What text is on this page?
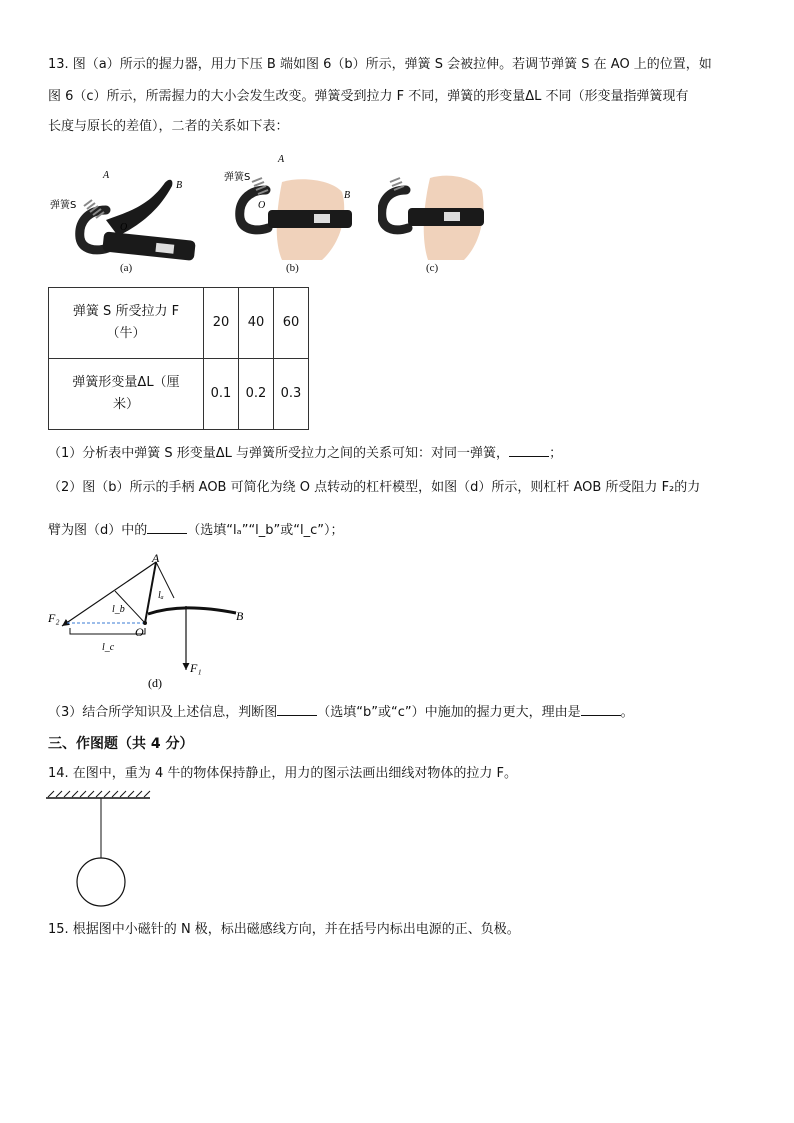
13. 图（a）所示的握力器，用力下压 B 端如图 6（b）所示，弹簧 S 会被拉伸。若调节弹簧 S 在 AO 上的位置，如
图 6（c）所示，所需握力的大小会发生改变。弹簧受到拉力 F 不同，弹簧的形变量ΔL 不同（形变量指弹簧现有
长度与原长的差值），二者的关系如下表：
A
B
O
弹簧S
(a)
A
B
O
弹簧S
(b)	(c)
弹簧 S 所受拉力 F
（牛）	20	40	60

弹簧形变量ΔL（厘
米）	0.1	0.2	0.3
（1）分析表中弹簧 S 形变量ΔL 与弹簧所受拉力之间的关系可知：对同一弹簧，	；
（2）图（b）所示的手柄 AOB 可简化为绕 O 点转动的杠杆模型，如图（d）所示，则杠杆 AOB 所受阻力 F₂的力
臂为图（d）中的	（选填“lₐ”“l_b”或“l_c”）；
A
B
O
F₁
F₂
lₐ
l_b
l_c
(d)
（3）结合所学知识及上述信息，判断图	（选填“b”或“c”）中施加的握力更大，理由是	。
三、作图题（共 4 分）
14. 在图中，重为 4 牛的物体保持静止，用力的图示法画出细线对物体的拉力 F。
15. 根据图中小磁针的 N 极，标出磁感线方向，并在括号内标出电源的正、负极。
